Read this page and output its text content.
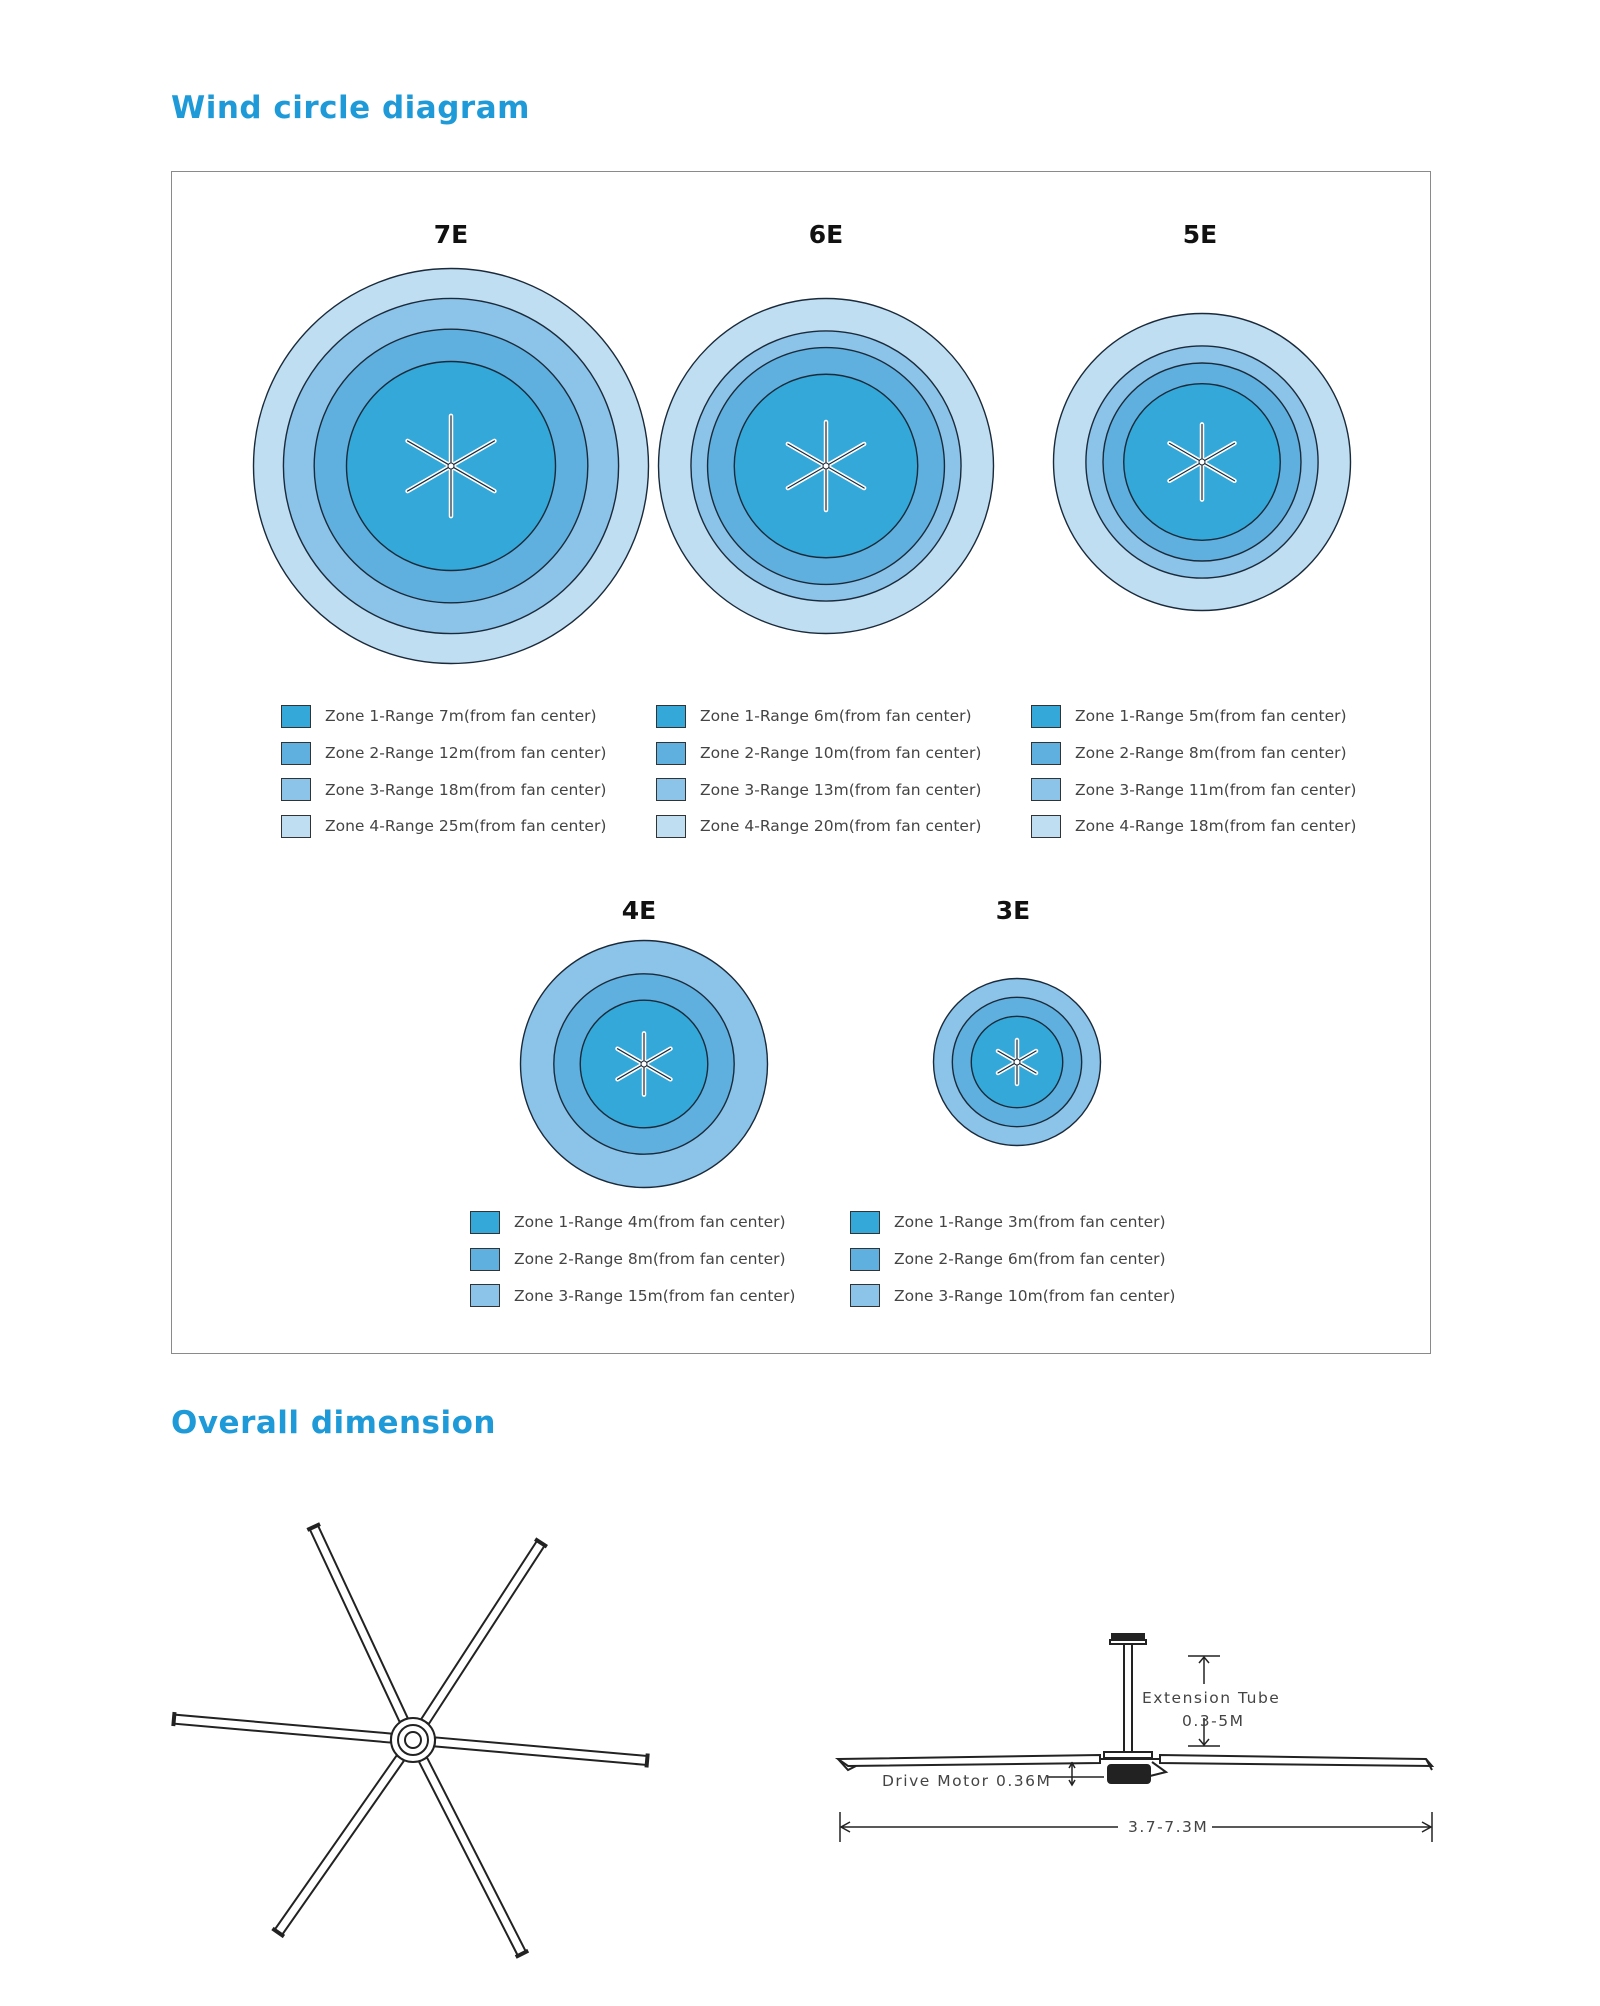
Wind circle diagram
7E	6E	5E
4E	3E
Zone 1-Range 7m(from fan center)
Zone 2-Range 12m(from fan center)
Zone 3-Range 18m(from fan center)
Zone 4-Range 25m(from fan center)
Zone 1-Range 6m(from fan center)
Zone 2-Range 10m(from fan center)
Zone 3-Range 13m(from fan center)
Zone 4-Range 20m(from fan center)
Zone 1-Range 5m(from fan center)
Zone 2-Range 8m(from fan center)
Zone 3-Range 11m(from fan center)
Zone 4-Range 18m(from fan center)
Zone 1-Range 4m(from fan center)
Zone 2-Range 8m(from fan center)
Zone 3-Range 15m(from fan center)
Zone 1-Range 3m(from fan center)
Zone 2-Range 6m(from fan center)
Zone 3-Range 10m(from fan center)
Overall dimension
Extension Tube
0.3-5M
Drive Motor 0.36M
3.7-7.3M
